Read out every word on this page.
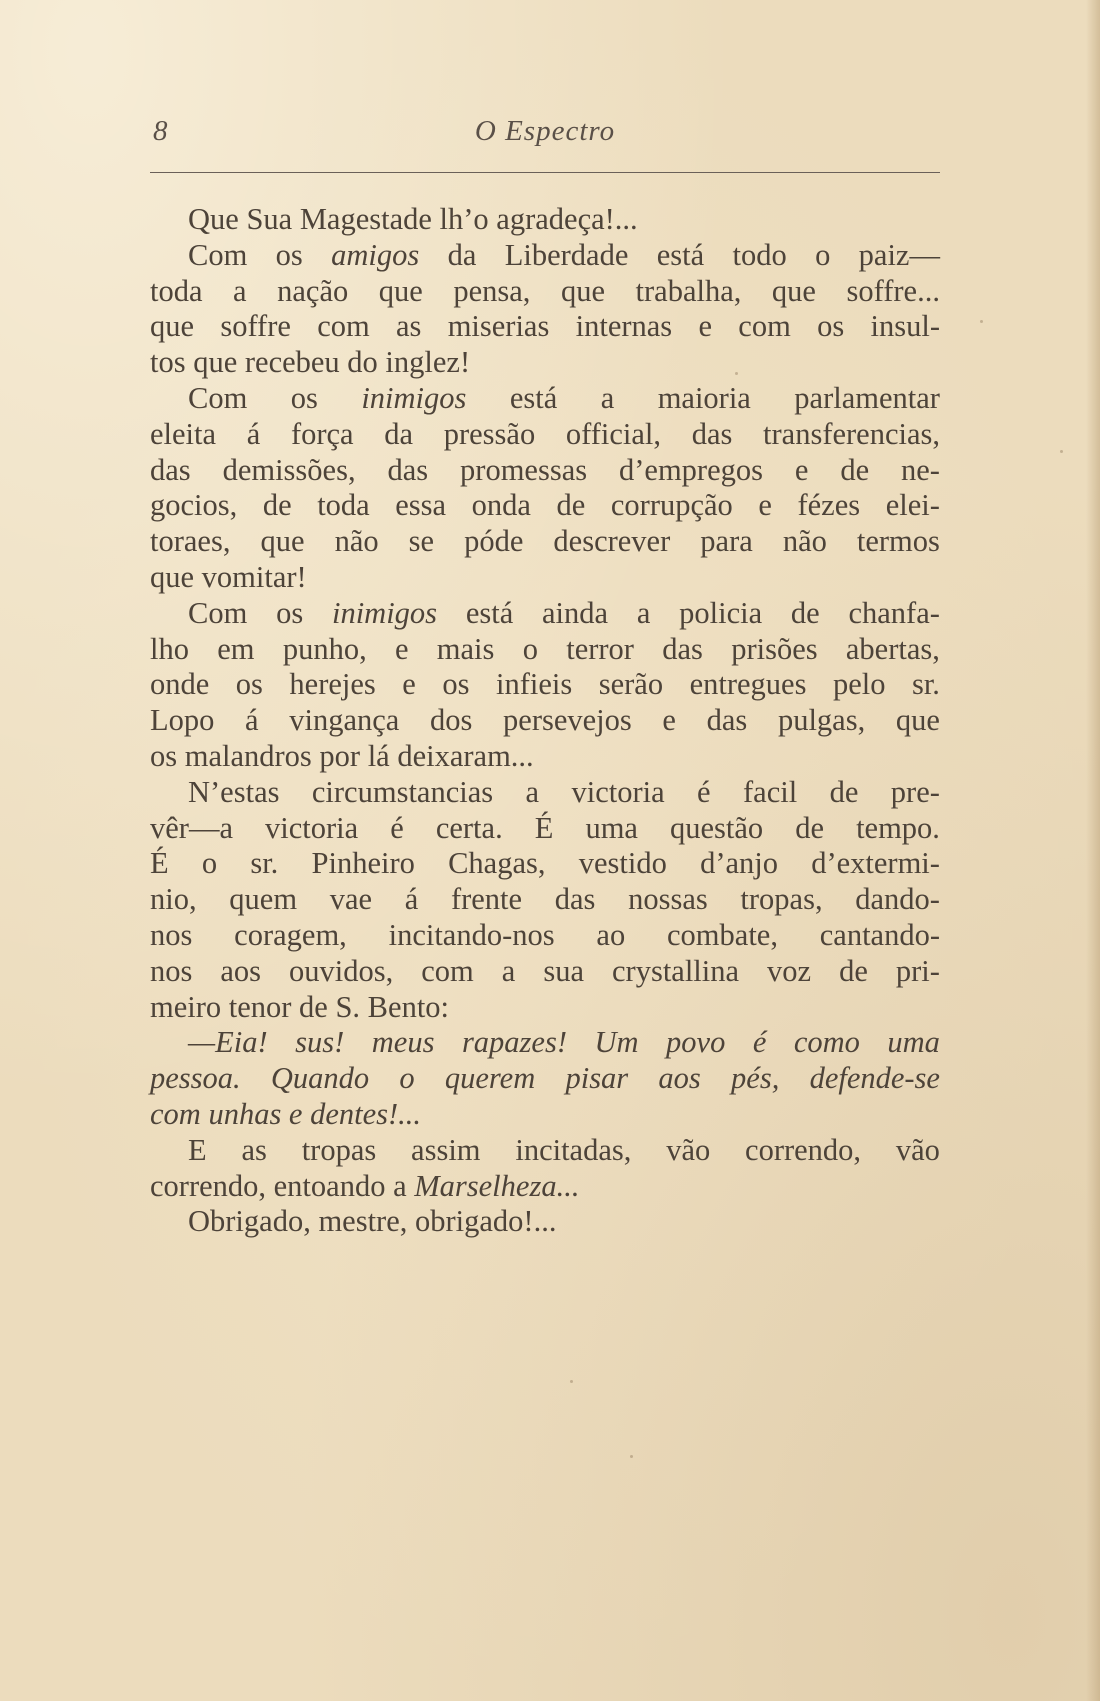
8	O Espectro
Que Sua Magestade lh’o agradeça!...
Com os amigos da Liberdade está todo o paiz—
toda a nação que pensa, que trabalha, que soffre...
que soffre com as miserias internas e com os insul-
tos que recebeu do inglez!
Com os inimigos está a maioria parlamentar
eleita á força da pressão official, das transferencias,
das demissões, das promessas d’empregos e de ne-
gocios, de toda essa onda de corrupção e fézes elei-
toraes, que não se póde descrever para não termos
que vomitar!
Com os inimigos está ainda a policia de chanfa-
lho em punho, e mais o terror das prisões abertas,
onde os herejes e os infieis serão entregues pelo sr.
Lopo á vingança dos persevejos e das pulgas, que
os malandros por lá deixaram...
N’estas circumstancias a victoria é facil de pre-
vêr—a victoria é certa. É uma questão de tempo.
É o sr. Pinheiro Chagas, vestido d’anjo d’extermi-
nio, quem vae á frente das nossas tropas, dando-
nos coragem, incitando-nos ao combate, cantando-
nos aos ouvidos, com a sua crystallina voz de pri-
meiro tenor de S. Bento:
—Eia! sus! meus rapazes! Um povo é como uma
pessoa. Quando o querem pisar aos pés, defende-se
com unhas e dentes!...
E as tropas assim incitadas, vão correndo, vão
correndo, entoando a Marselheza...
Obrigado, mestre, obrigado!...
